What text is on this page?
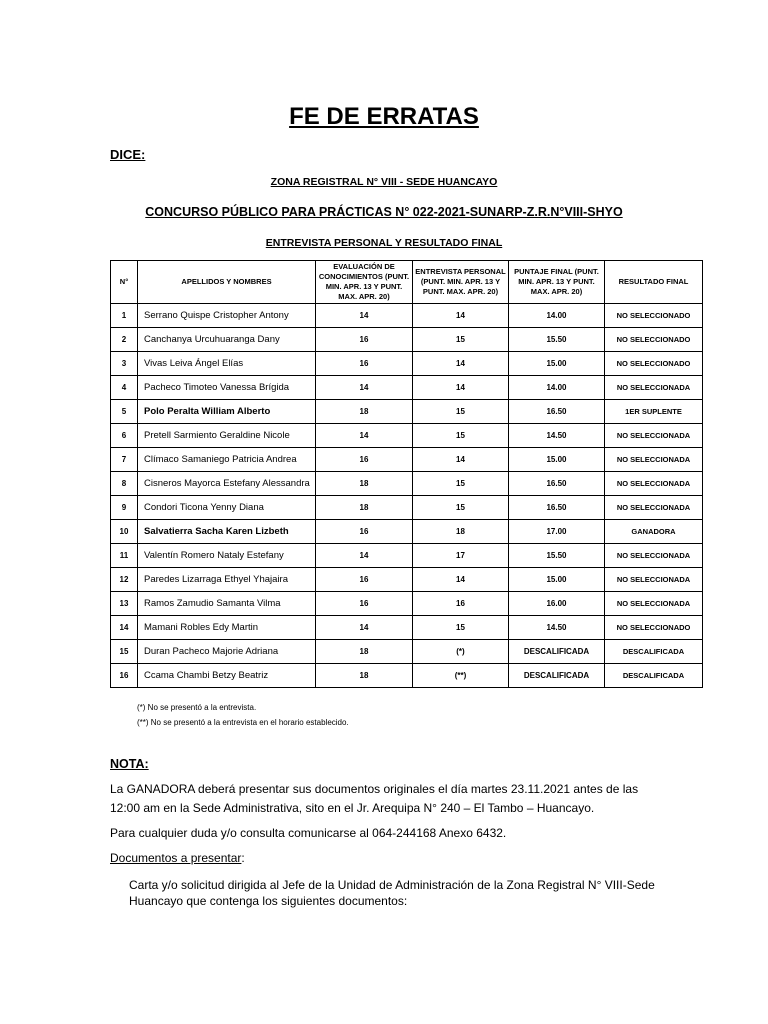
FE DE ERRATAS
DICE:
ZONA REGISTRAL N° VIII - SEDE HUANCAYO
CONCURSO PÚBLICO PARA PRÁCTICAS N° 022-2021-SUNARP-Z.R.N°VIII-SHYO
ENTREVISTA PERSONAL Y RESULTADO FINAL
N°	APELLIDOS Y NOMBRES	EVALUACIÓN DE CONOCIMIENTOS (PUNT. MIN. APR. 13 Y PUNT. MAX. APR. 20)	ENTREVISTA PERSONAL (PUNT. MIN. APR. 13 Y PUNT. MAX. APR. 20)	PUNTAJE FINAL (PUNT. MIN. APR. 13 Y PUNT. MAX. APR. 20)	RESULTADO FINAL
1	Serrano Quispe Cristopher Antony	14	14	14.00	NO SELECCIONADO
2	Canchanya Urcuhuaranga Dany	16	15	15.50	NO SELECCIONADO
3	Vivas Leiva Ángel Elías	16	14	15.00	NO SELECCIONADO
4	Pacheco Timoteo Vanessa Brígida	14	14	14.00	NO SELECCIONADA
5	Polo Peralta William Alberto	18	15	16.50	1ER SUPLENTE
6	Pretell Sarmiento Geraldine Nicole	14	15	14.50	NO SELECCIONADA
7	Clímaco Samaniego Patricia Andrea	16	14	15.00	NO SELECCIONADA
8	Cisneros Mayorca Estefany Alessandra	18	15	16.50	NO SELECCIONADA
9	Condori Ticona Yenny Diana	18	15	16.50	NO SELECCIONADA
10	Salvatierra Sacha Karen Lizbeth	16	18	17.00	GANADORA
11	Valentín Romero Nataly Estefany	14	17	15.50	NO SELECCIONADA
12	Paredes Lizarraga Ethyel Yhajaira	16	14	15.00	NO SELECCIONADA
13	Ramos Zamudio Samanta Vilma	16	16	16.00	NO SELECCIONADA
14	Mamani Robles Edy Martin	14	15	14.50	NO SELECCIONADO
15	Duran Pacheco Majorie Adriana	18	(*)	DESCALIFICADA	DESCALIFICADA
16	Ccama Chambi Betzy Beatriz	18	(**)	DESCALIFICADA	DESCALIFICADA
(*) No se presentó a la entrevista.
(**) No se presentó a la entrevista en el horario establecido.
NOTA:
La GANADORA deberá presentar sus documentos originales el día martes 23.11.2021 antes de las 12:00 am en la Sede Administrativa, sito en el Jr. Arequipa N° 240 – El Tambo – Huancayo.
Para cualquier duda y/o consulta comunicarse al 064-244168 Anexo 6432.
Documentos a presentar:
Carta y/o solicitud dirigida al Jefe de la Unidad de Administración de la Zona Registral N° VIII-Sede Huancayo que contenga los siguientes documentos:
